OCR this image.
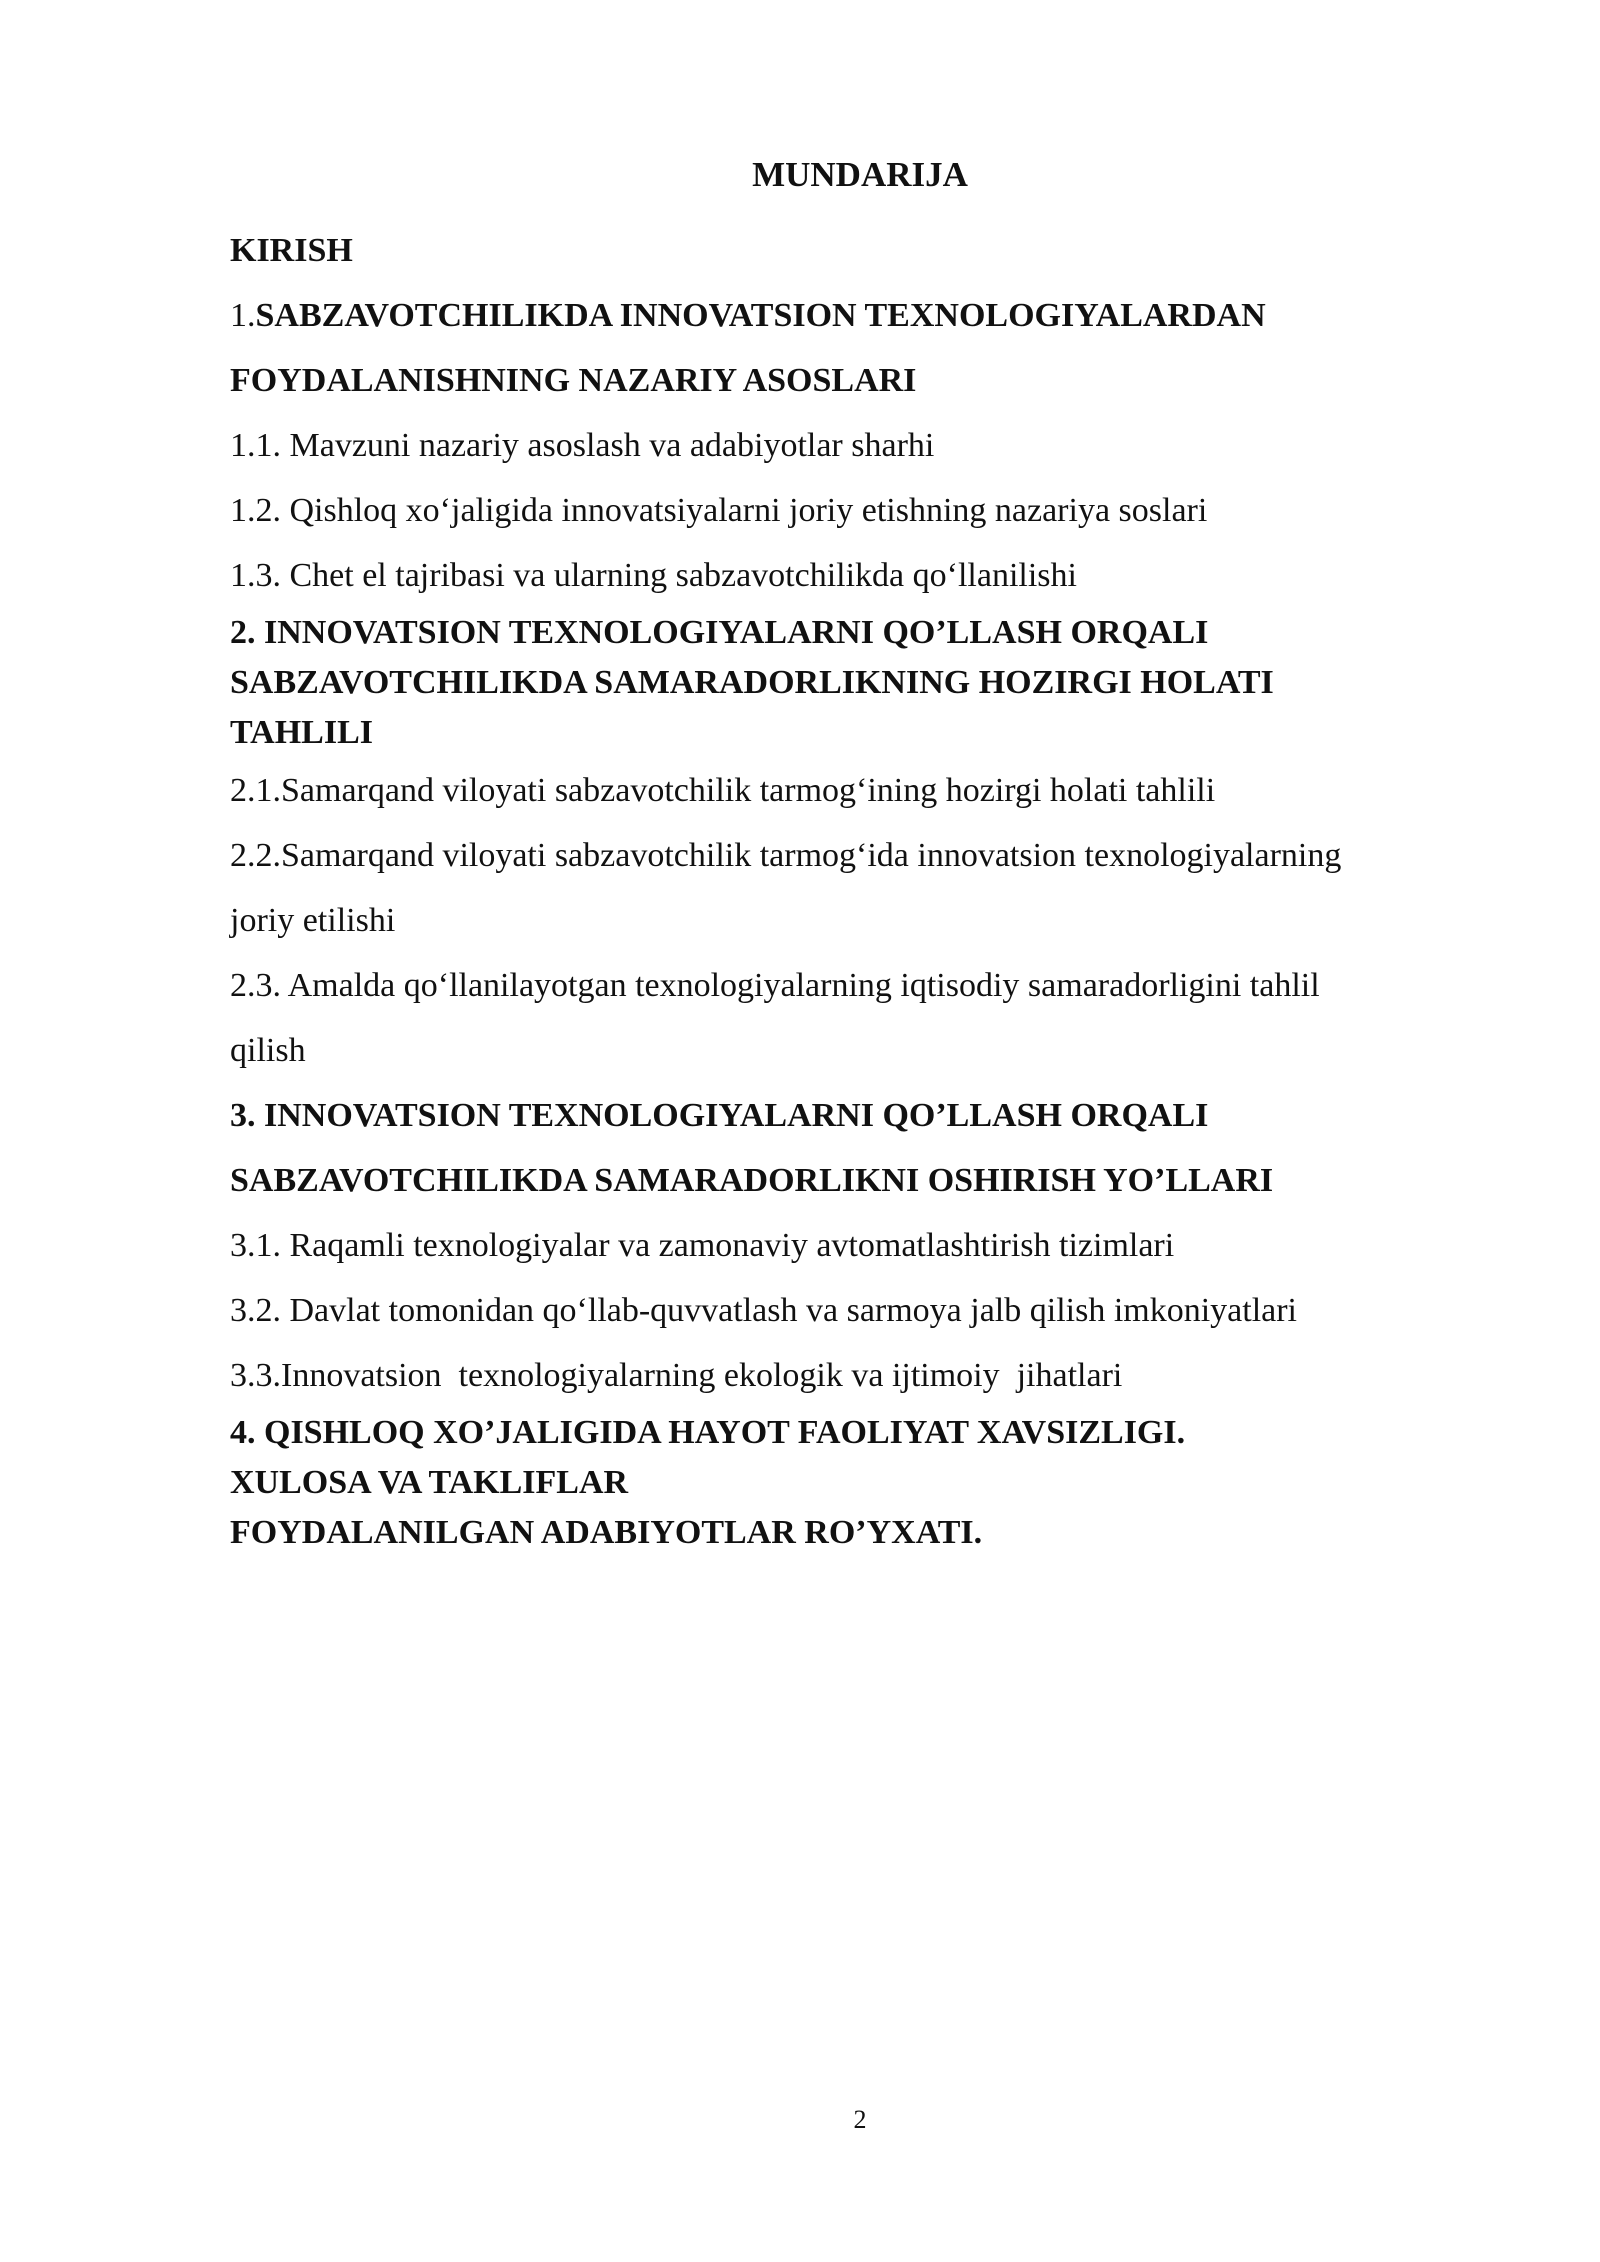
MUNDARIJA

KIRISH

1.SABZAVOTCHILIKDA INNOVATSION TEXNOLOGIYALARDAN

FOYDALANISHNING NAZARIY ASOSLARI

1.1. Mavzuni nazariy asoslash va adabiyotlar sharhi

1.2. Qishloq xo‘jaligida innovatsiyalarni joriy etishning nazariya soslari

1.3. Chet el tajribasi va ularning sabzavotchilikda qo‘llanilishi

2. INNOVATSION TEXNOLOGIYALARNI QO’LLASH ORQALI

SABZAVOTCHILIKDA SAMARADORLIKNING HOZIRGI HOLATI

TAHLILI

2.1.Samarqand viloyati sabzavotchilik tarmog‘ining hozirgi holati tahlili

2.2.Samarqand viloyati sabzavotchilik tarmog‘ida innovatsion texnologiyalarning

joriy etilishi

2.3. Amalda qo‘llanilayotgan texnologiyalarning iqtisodiy samaradorligini tahlil

qilish

3. INNOVATSION TEXNOLOGIYALARNI QO’LLASH ORQALI

SABZAVOTCHILIKDA SAMARADORLIKNI OSHIRISH YO’LLARI

3.1. Raqamli texnologiyalar va zamonaviy avtomatlashtirish tizimlari

3.2. Davlat tomonidan qo‘llab-quvvatlash va sarmoya jalb qilish imkoniyatlari

3.3.Innovatsion  texnologiyalarning ekologik va ijtimoiy  jihatlari

4. QISHLOQ XO’JALIGIDA HAYOT FAOLIYAT XAVSIZLIGI.

XULOSA VA TAKLIFLAR

FOYDALANILGAN ADABIYOTLAR RO’YXATI.

2
